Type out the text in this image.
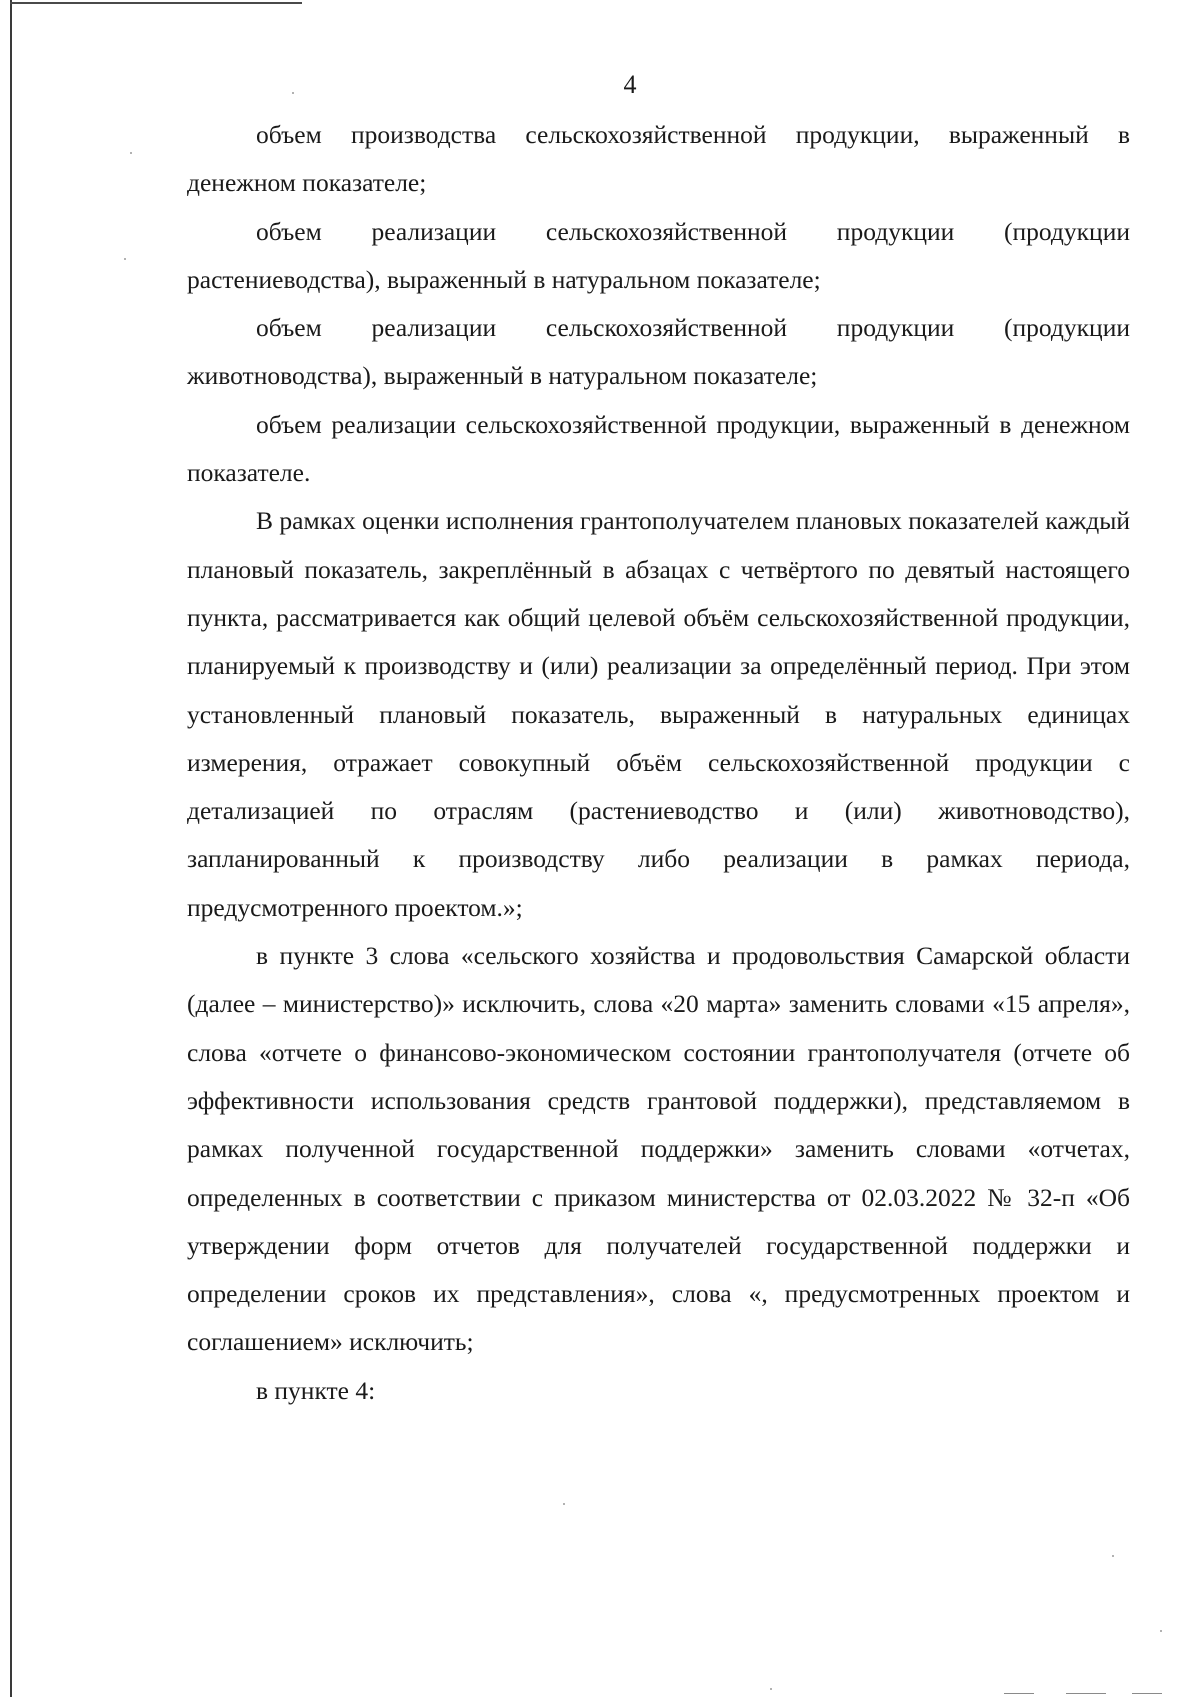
4

объем производства сельскохозяйственной продукции, выраженный в денежном показателе;

объем реализации сельскохозяйственной продукции (продукции растениеводства), выраженный в натуральном показателе;

объем реализации сельскохозяйственной продукции (продукции животноводства), выраженный в натуральном показателе;

объем реализации сельскохозяйственной продукции, выраженный в денежном показателе.

В рамках оценки исполнения грантополучателем плановых показателей каждый плановый показатель, закреплённый в абзацах с четвёртого по девятый настоящего пункта, рассматривается как общий целевой объём сельскохозяйственной продукции, планируемый к производству и (или) реализации за определённый период. При этом установленный плановый показатель, выраженный в натуральных единицах измерения, отражает совокупный объём сельскохозяйственной продукции с детализацией по отраслям (растениеводство и (или) животноводство), запланированный к производству либо реализации в рамках периода, предусмотренного проектом.»;

в пункте 3 слова «сельского хозяйства и продовольствия Самарской области (далее – министерство)» исключить, слова «20 марта» заменить словами «15 апреля», слова «отчете о финансово-экономическом состоянии грантополучателя (отчете об эффективности использования средств грантовой поддержки), представляемом в рамках полученной государственной поддержки» заменить словами «отчетах, определенных в соответствии с приказом министерства от 02.03.2022 № 32-п «Об утверждении форм отчетов для получателей государственной поддержки и определении сроков их представления», слова «, предусмотренных проектом и соглашением» исключить;

в пункте 4:
